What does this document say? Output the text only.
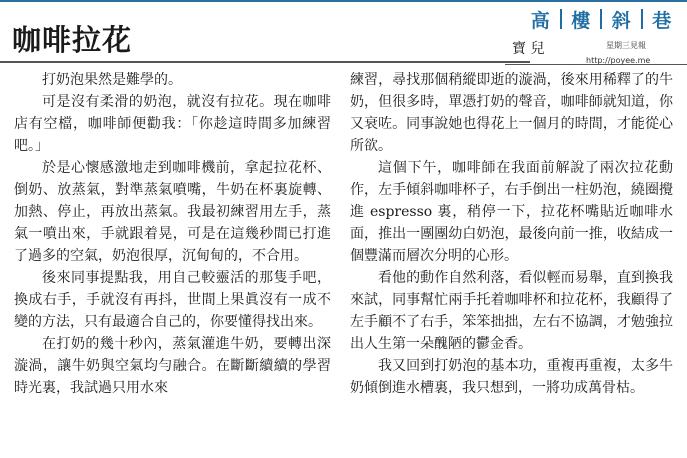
咖啡拉花
高	樓	斜	巷
寶 兒	星期三見報
http://poyee.me

打奶泡果然是難學的。

可是沒有柔滑的奶泡，就沒有拉花。現在咖啡店有空檔，咖啡師便勸我：「你趁這時間多加練習吧。」

於是心懷感激地走到咖啡機前，拿起拉花杯、倒奶、放蒸氣，對準蒸氣噴嘴，牛奶在杯裏旋轉、加熱、停止，再放出蒸氣。我最初練習用左手，蒸氣一噴出來，手就跟着晃，可是在這幾秒間已打進了過多的空氣，奶泡很厚，沉甸甸的，不合用。

後來同事提點我，用自己較靈活的那隻手吧，換成右手，手就沒有再抖，世間上果眞沒有一成不變的方法，只有最適合自己的，你要懂得找出來。

在打奶的幾十秒內，蒸氣灌進牛奶，要轉出深漩渦，讓牛奶與空氣均勻融合。在斷斷續續的學習時光裏，我試過只用水來

練習，尋找那個稍縱即逝的漩渦，後來用稀釋了的牛奶，但很多時，單憑打奶的聲音，咖啡師就知道，你又衰咗。同事說她也得花上一個月的時間，才能從心所欲。

這個下午，咖啡師在我面前解說了兩次拉花動作，左手傾斜咖啡杯子，右手倒出一柱奶泡，繞圈攪進 espresso 裏，稍停一下，拉花杯嘴貼近咖啡水面，推出一團團幼白奶泡，最後向前一推，收結成一個豐滿而層次分明的心形。

看他的動作自然利落，看似輕而易舉，直到換我來試，同事幫忙兩手托着咖啡杯和拉花杯，我顧得了左手顧不了右手，笨笨拙拙，左右不協調，才勉強拉出人生第一朵醜陋的鬱金香。

我又回到打奶泡的基本功，重複再重複，太多牛奶傾倒進水槽裏，我只想到，一將功成萬骨枯。
